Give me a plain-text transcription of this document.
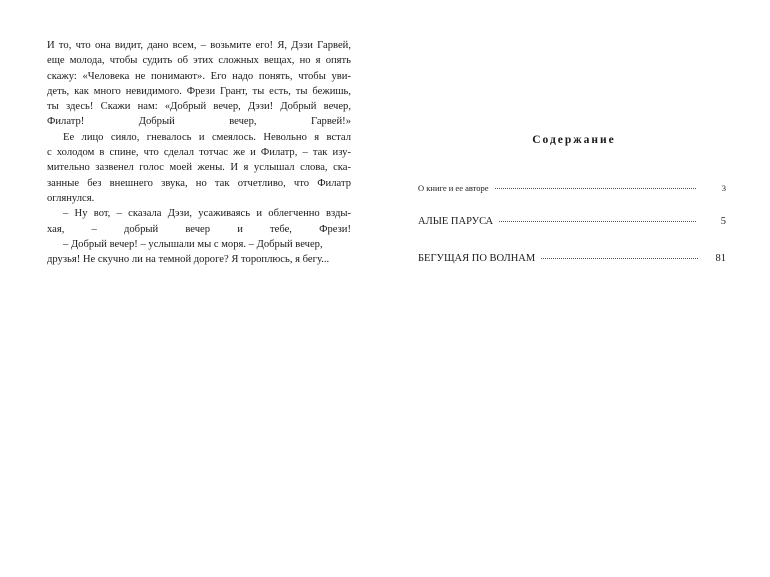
И то, что она видит, дано всем, – возьмите его! Я, Дэзи Гарвей,
еще молода, чтобы судить об этих сложных вещах, но я опять
скажу: «Человека не понимают». Его надо понять, чтобы уви-
деть, как много невидимого. Фрези Грант, ты есть, ты бежишь,
ты здесь! Скажи нам: «Добрый вечер, Дэзи! Добрый вечер,
Филатр! Добрый вечер, Гарвей!»

Ее лицо сияло, гневалось и смеялось. Невольно я встал
с холодом в спине, что сделал тотчас же и Филатр, – так изу-
мительно зазвенел голос моей жены. И я услышал слова, ска-
занные без внешнего звука, но так отчетливо, что Филатр
оглянулся.

– Ну вот, – сказала Дэзи, усаживаясь и облегченно взды-
хая, – добрый вечер и тебе, Фрези!

– Добрый вечер! – услышали мы с моря. – Добрый вечер,
друзья! Не скучно ли на темной дороге? Я тороплюсь, я бегу...

Содержание
О книге и ее авторе	3
АЛЫЕ ПАРУСА	5
БЕГУЩАЯ ПО ВОЛНАМ	81
